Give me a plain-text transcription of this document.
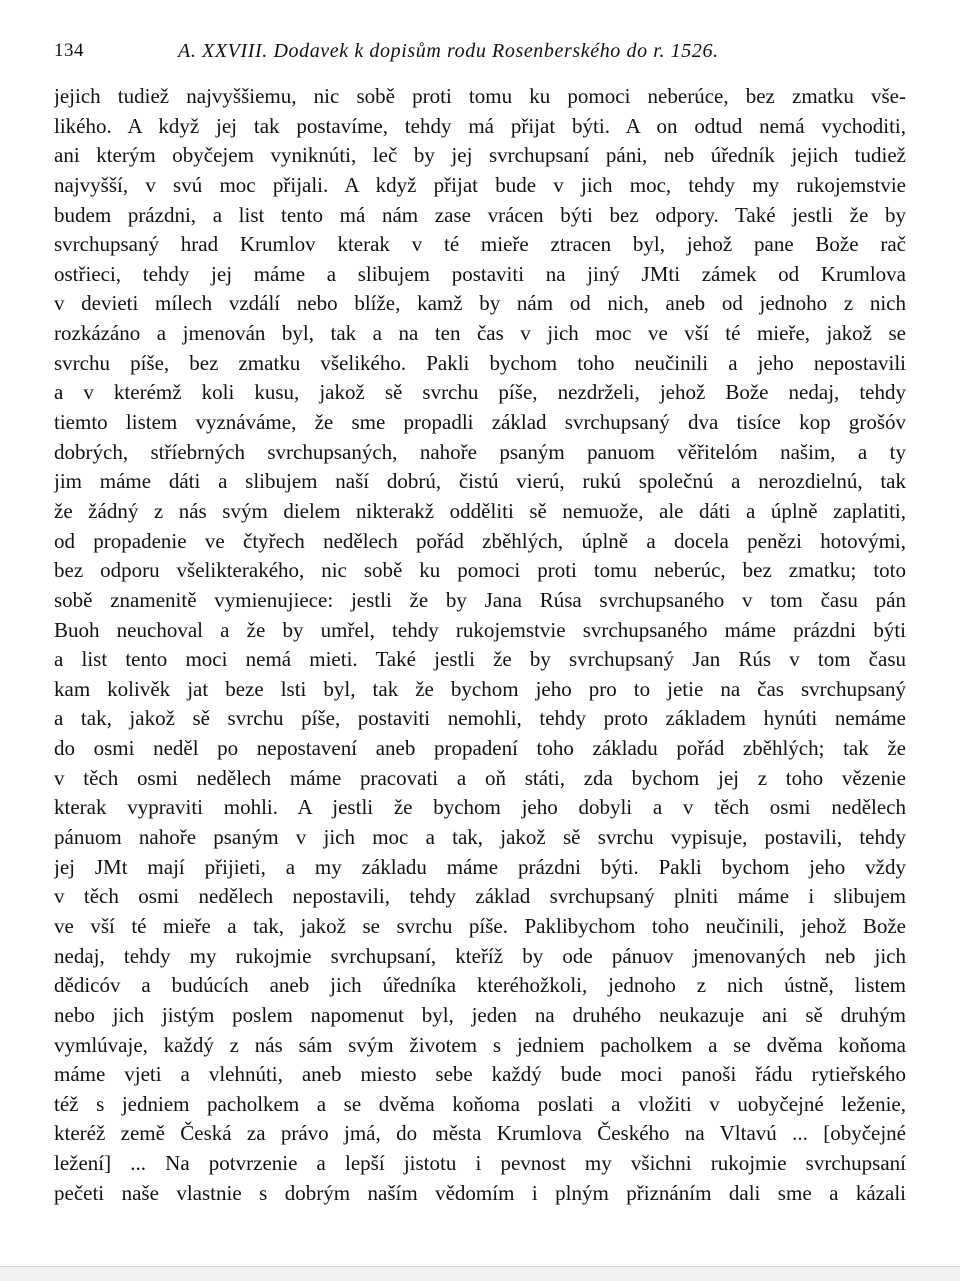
134	A. XXVIII. Dodavek k dopisům rodu Rosenberského do r. 1526.
jejich tudiež najvyššiemu, nic sobě proti tomu ku pomoci neberúce, bez zmatku vše-
likého. A když jej tak postavíme, tehdy má přijat býti. A on odtud nemá vychoditi,
ani kterým obyčejem vyniknúti, leč by jej svrchupsaní páni, neb úředník jejich tudiež
najvyšší, v svú moc přijali. A když přijat bude v jich moc, tehdy my rukojemstvie
budem prázdni, a list tento má nám zase vrácen býti bez odpory. Také jestli že by
svrchupsaný hrad Krumlov kterak v té mieře ztracen byl, jehož pane Bože rač
ostřieci, tehdy jej máme a slibujem postaviti na jiný JMti zámek od Krumlova
v devieti mílech vzdálí nebo blíže, kamž by nám od nich, aneb od jednoho z nich
rozkázáno a jmenován byl, tak a na ten čas v jich moc ve vší té mieře, jakož se
svrchu píše, bez zmatku všelikého. Pakli bychom toho neučinili a jeho nepostavili
a v kterémž koli kusu, jakož sě svrchu píše, nezdrželi, jehož Bože nedaj, tehdy
tiemto listem vyznáváme, že sme propadli základ svrchupsaný dva tisíce kop grošóv
dobrých, stříebrných svrchupsaných, nahoře psaným panuom věřitelóm našim, a ty
jim máme dáti a slibujem naší dobrú, čistú vierú, rukú společnú a nerozdielnú, tak
že žádný z nás svým dielem nikterakž odděliti sě nemuože, ale dáti a úplně zaplatiti,
od propadenie ve čtyřech nedělech pořád zběhlých, úplně a docela penězi hotovými,
bez odporu všelikterakého, nic sobě ku pomoci proti tomu neberúc, bez zmatku; toto
sobě znamenitě vymienujiece: jestli že by Jana Rúsa svrchupsaného v tom času pán
Buoh neuchoval a že by umřel, tehdy rukojemstvie svrchupsaného máme prázdni býti
a list tento moci nemá mieti. Také jestli že by svrchupsaný Jan Rús v tom času
kam kolivěk jat beze lsti byl, tak že bychom jeho pro to jetie na čas svrchupsaný
a tak, jakož sě svrchu píše, postaviti nemohli, tehdy proto základem hynúti nemáme
do osmi neděl po nepostavení aneb propadení toho základu pořád zběhlých; tak že
v těch osmi nedělech máme pracovati a oň státi, zda bychom jej z toho vězenie
kterak vypraviti mohli. A jestli že bychom jeho dobyli a v těch osmi nedělech
pánuom nahoře psaným v jich moc a tak, jakož sě svrchu vypisuje, postavili, tehdy
jej JMt mají přijieti, a my základu máme prázdni býti. Pakli bychom jeho vždy
v těch osmi nedělech nepostavili, tehdy základ svrchupsaný plniti máme i slibujem
ve vší té mieře a tak, jakož se svrchu píše. Paklibychom toho neučinili, jehož Bože
nedaj, tehdy my rukojmie svrchupsaní, kteříž by ode pánuov jmenovaných neb jich
dědicóv a budúcích aneb jich úředníka kteréhožkoli, jednoho z nich ústně, listem
nebo jich jistým poslem napomenut byl, jeden na druhého neukazuje ani sě druhým
vymlúvaje, každý z nás sám svým životem s jedniem pacholkem a se dvěma koňoma
máme vjeti a vlehnúti, aneb miesto sebe každý bude moci panoši řádu rytieřského
též s jedniem pacholkem a se dvěma koňoma poslati a vložiti v uobyčejné leženie,
kteréž země Česká za právo jmá, do města Krumlova Českého na Vltavú ... [obyčejné
ležení] ... Na potvrzenie a lepší jistotu i pevnost my všichni rukojmie svrchupsaní
pečeti naše vlastnie s dobrým naším vědomím i plným přiznáním dali sme a kázali
